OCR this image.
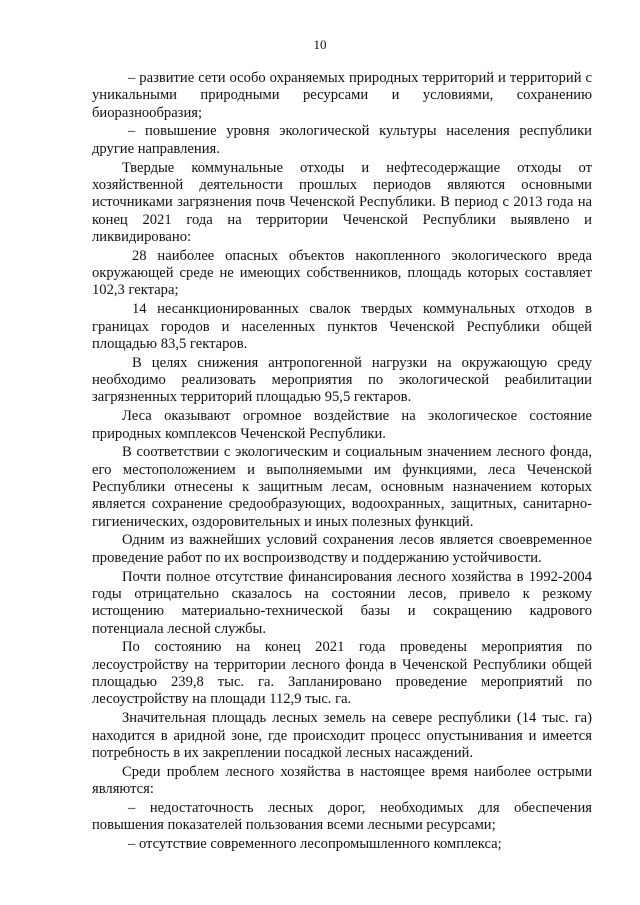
10

– развитие сети особо охраняемых природных территорий и территорий с уникальными природными ресурсами и условиями, сохранению биоразнообразия;

– повышение уровня экологической культуры населения республики другие направления.

Твердые коммунальные отходы и нефтесодержащие отходы от хозяйственной деятельности прошлых периодов являются основными источниками загрязнения почв Чеченской Республики. В период с 2013 года на конец 2021 года на территории Чеченской Республики выявлено и ликвидировано:

28 наиболее опасных объектов накопленного экологического вреда окружающей среде не имеющих собственников, площадь которых составляет 102,3 гектара;

14 несанкционированных свалок твердых коммунальных отходов в границах городов и населенных пунктов Чеченской Республики общей площадью 83,5 гектаров.

В целях снижения антропогенной нагрузки на окружающую среду необходимо реализовать мероприятия по экологической реабилитации загрязненных территорий площадью 95,5 гектаров.

Леса оказывают огромное воздействие на экологическое состояние природных комплексов Чеченской Республики.

В соответствии с экологическим и социальным значением лесного фонда, его местоположением и выполняемыми им функциями, леса Чеченской Республики отнесены к защитным лесам, основным назначением которых является сохранение средообразующих, водоохранных, защитных, санитарно-гигиенических, оздоровительных и иных полезных функций.

Одним из важнейших условий сохранения лесов является своевременное проведение работ по их воспроизводству и поддержанию устойчивости.

Почти полное отсутствие финансирования лесного хозяйства в 1992-2004 годы отрицательно сказалось на состоянии лесов, привело к резкому истощению материально-технической базы и сокращению кадрового потенциала лесной службы.

По состоянию на конец 2021 года проведены мероприятия по лесоустройству на территории лесного фонда в Чеченской Республики общей площадью 239,8 тыс. га. Запланировано проведение мероприятий по лесоустройству на площади 112,9 тыс. га.

Значительная площадь лесных земель на севере республики (14 тыс. га) находится в аридной зоне, где происходит процесс опустынивания и имеется потребность в их закреплении посадкой лесных насаждений.

Среди проблем лесного хозяйства в настоящее время наиболее острыми являются:

– недостаточность лесных дорог, необходимых для обеспечения повышения показателей пользования всеми лесными ресурсами;

– отсутствие современного лесопромышленного комплекса;
